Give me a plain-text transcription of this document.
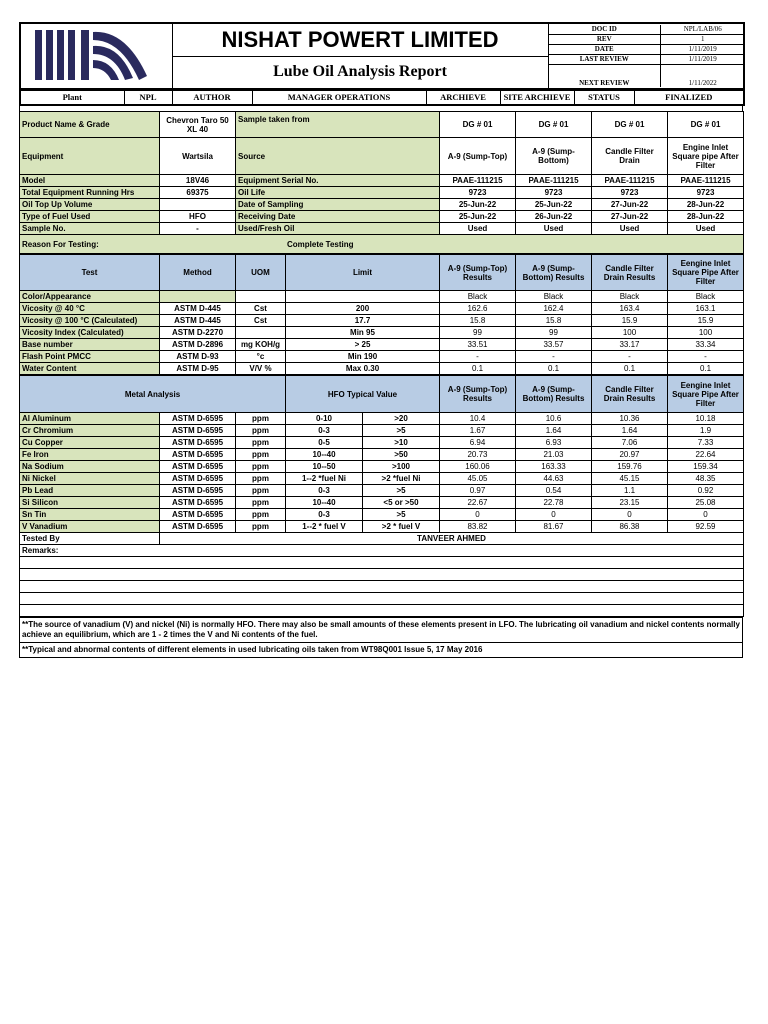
	NISHAT POWERT LIMITED		DOC ID	NPL/LAB/06
REV	1
DATE	1/11/2019
LAST REVIEW	1/11/2019
NEXT REVIEW	1/11/2022

Lube Oil Analysis Report
Plant	NPL	AUTHOR	MANAGER OPERATIONS	ARCHIEVE	SITE ARCHIEVE	STATUS	FINALIZED
Product Name & Grade	Chevron Taro 50 XL 40	Sample taken from	DG # 01	DG # 01	DG # 01	DG # 01
Equipment	Wartsila	Source	A-9 (Sump-Top)	A-9 (Sump-Bottom)	Candle Filter Drain	Engine Inlet Square pipe After Filter
Model	18V46	Equipment Serial No.	PAAE-111215	PAAE-111215	PAAE-111215	PAAE-111215
Total Equipment Running Hrs	69375	Oil Life	9723	9723	9723	9723
Oil Top Up Volume		Date of Sampling	25-Jun-22	25-Jun-22	27-Jun-22	28-Jun-22
Type of Fuel Used	HFO	Receiving Date	25-Jun-22	26-Jun-22	27-Jun-22	28-Jun-22
Sample No.	-	Used/Fresh Oil	Used	Used	Used	Used

Reason For Testing: Complete Testing						
Test	Method	UOM	Limit	A-9 (Sump-Top) Results	A-9 (Sump-Bottom) Results	Candle Filter Drain Results	Eengine Inlet Square Pipe After Filter
Color/Appearance				Black	Black	Black	Black
Vicosity @ 40 °C	ASTM D-445	Cst	200	162.6	162.4	163.4	163.1
Vicosity @ 100 °C (Calculated)	ASTM D-445	Cst	17.7	15.8	15.8	15.9	15.9
Vicosity Index (Calculated)	ASTM D-2270		Min 95	99	99	100	100
Base number	ASTM D-2896	mg KOH/g	> 25	33.51	33.57	33.17	33.34
Flash Point PMCC	ASTM D-93	°c	Min 190	-	-	-	-
Water Content	ASTM D-95	V/V %	Max 0.30	0.1	0.1	0.1	0.1
Metal Analysis			HFO Typical Value		A-9 (Sump-Top) Results	A-9 (Sump-Bottom) Results	Candle Filter Drain Results	Eengine Inlet Square Pipe After Filter
Al Aluminum	ASTM D-6595	ppm	0-10	>20	10.4	10.6	10.36	10.18
Cr Chromium	ASTM D-6595	ppm	0-3	>5	1.67	1.64	1.64	1.9
Cu Copper	ASTM D-6595	ppm	0-5	>10	6.94	6.93	7.06	7.33
Fe Iron	ASTM D-6595	ppm	10--40	>50	20.73	21.03	20.97	22.64
Na Sodium	ASTM D-6595	ppm	10--50	>100	160.06	163.33	159.76	159.34
Ni Nickel	ASTM D-6595	ppm	1--2 *fuel Ni	>2 *fuel Ni	45.05	44.63	45.15	48.35
Pb Lead	ASTM D-6595	ppm	0-3	>5	0.97	0.54	1.1	0.92
Si Silicon	ASTM D-6595	ppm	10--40	<5 or >50	22.67	22.78	23.15	25.08
Sn Tin	ASTM D-6595	ppm	0-3	>5	0	0	0	0
V Vanadium	ASTM D-6595	ppm	1--2 * fuel V	>2 * fuel V	83.82	81.67	86.38	92.59
Tested By	TANVEER AHMED							
Remarks:								

**The source of vanadium (V) and nickel (Ni) is normally HFO. There may also be small amounts of these elements present in LFO. The lubricating oil vanadium and nickel contents normally achieve an equilibrium, which are 1 - 2 times the V and Ni contents of the fuel.
**Typical and abnormal contents of different elements in used lubricating oils taken from WT98Q001 Issue 5, 17 May 2016
